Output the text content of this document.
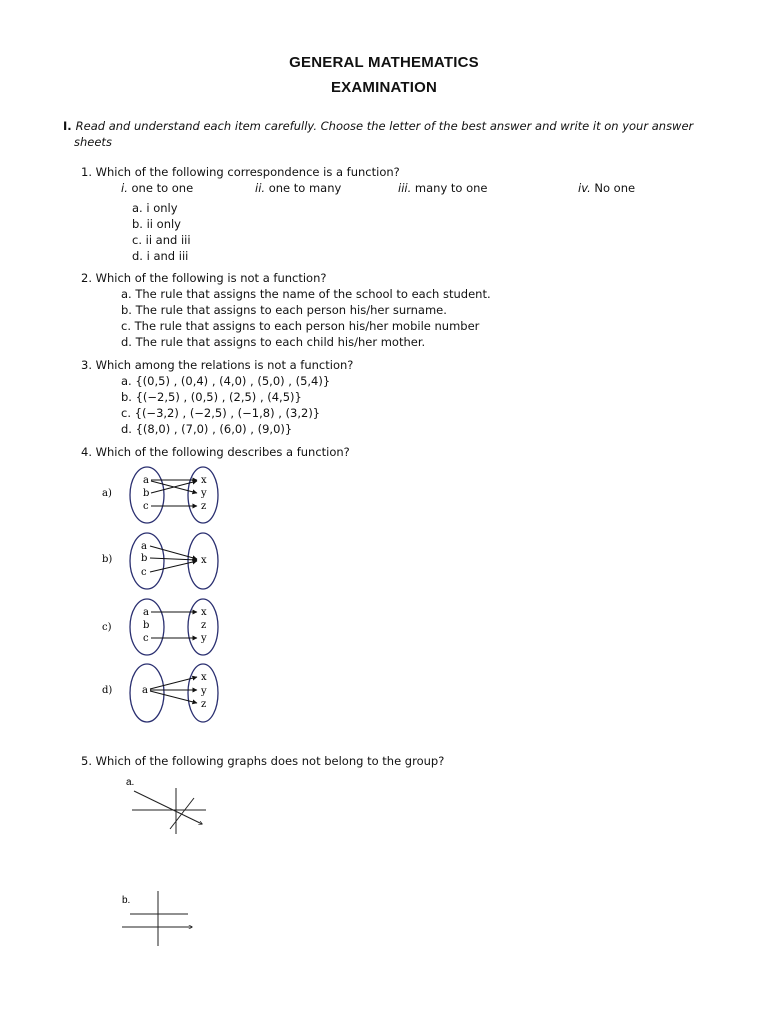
GENERAL MATHEMATICS
EXAMINATION
I. Read and understand each item carefully. Choose the letter of the best answer and write it on your answer
sheets
1. Which of the following correspondence is a function?
i. one to one	ii. one to many	iii. many to one	iv. No one
a. i only
b. ii only
c. ii and iii
d. i and iii
2. Which of the following is not a function?
a. The rule that assigns the name of the school to each student.
b. The rule that assigns to each person his/her surname.
c. The rule that assigns to each person his/her mobile number
d. The rule that assigns to each child his/her mother.
3. Which among the relations is not a function?
a. {(0,5) , (0,4) , (4,0) , (5,0) , (5,4)}
b. {(−2,5) , (0,5) , (2,5) , (4,5)}
c. {(−3,2) , (−2,5) , (−1,8) , (3,2)}
d. {(8,0) , (7,0) , (6,0) , (9,0)}
4. Which of the following describes a function?
a)
a
b
c
x
y
z
b)
a
b
c
x
c)
a
b
c
x
z
y
d)	a
x
y
z
5. Which of the following graphs does not belong to the group?
a.
b.
